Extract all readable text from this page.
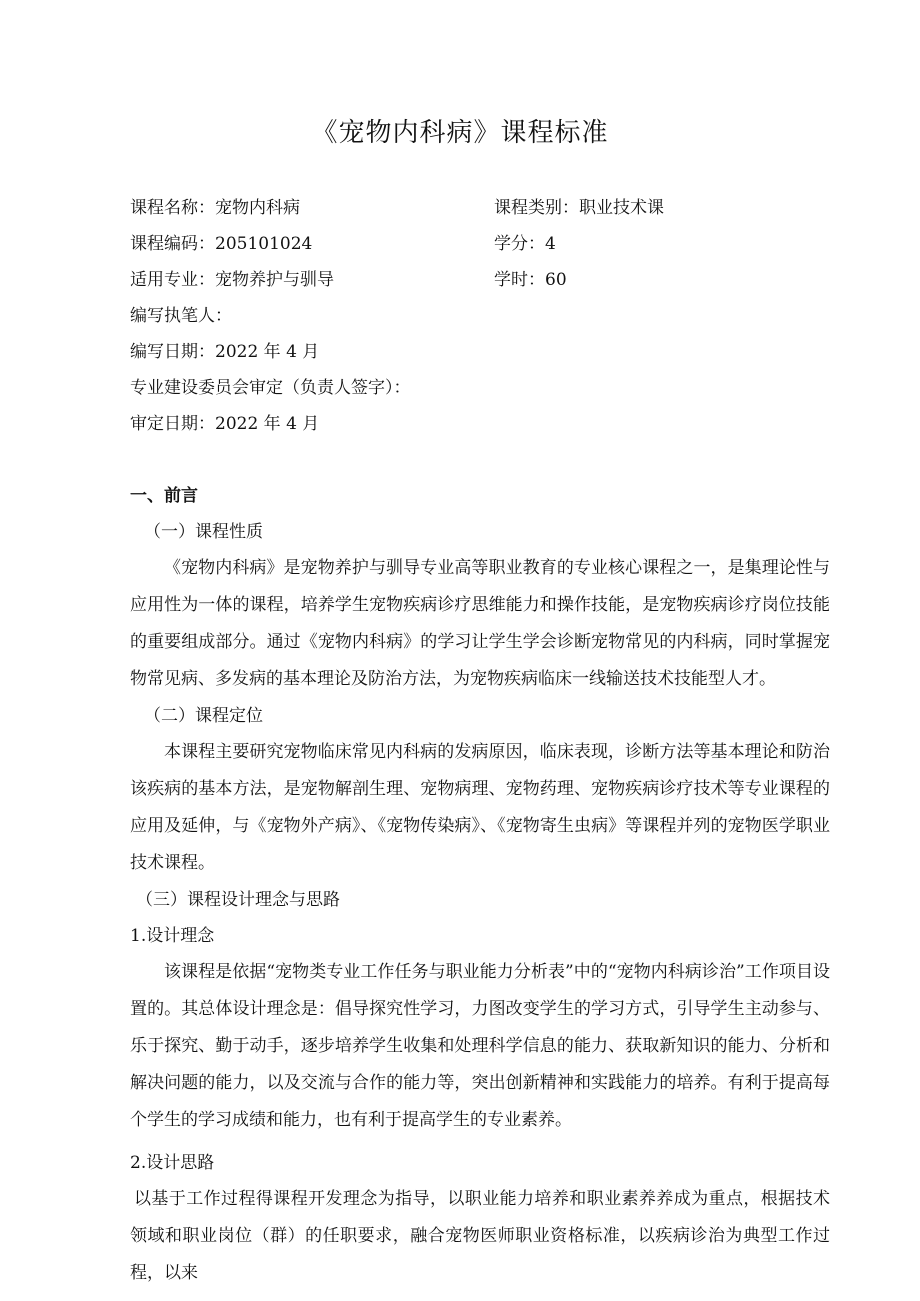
《宠物内科病》课程标准
课程名称：宠物内科病	课程类别：职业技术课
课程编码：205101024	学分：4
适用专业：宠物养护与驯导	学时：60
编写执笔人：
编写日期：2022 年 4 月
专业建设委员会审定（负责人签字）：
审定日期：2022 年 4 月
一、前言
（一）课程性质

《宠物内科病》是宠物养护与驯导专业高等职业教育的专业核心课程之一，是集理论性与应用性为一体的课程，培养学生宠物疾病诊疗思维能力和操作技能，是宠物疾病诊疗岗位技能的重要组成部分。通过《宠物内科病》的学习让学生学会诊断宠物常见的内科病，同时掌握宠物常见病、多发病的基本理论及防治方法，为宠物疾病临床一线输送技术技能型人才。

（二）课程定位

本课程主要研究宠物临床常见内科病的发病原因，临床表现，诊断方法等基本理论和防治该疾病的基本方法，是宠物解剖生理、宠物病理、宠物药理、宠物疾病诊疗技术等专业课程的应用及延伸，与《宠物外产病》、《宠物传染病》、《宠物寄生虫病》等课程并列的宠物医学职业技术课程。

（三）课程设计理念与思路
1.设计理念

该课程是依据“宠物类专业工作任务与职业能力分析表”中的“宠物内科病诊治”工作项目设置的。其总体设计理念是：倡导探究性学习，力图改变学生的学习方式，引导学生主动参与、乐于探究、勤于动手，逐步培养学生收集和处理科学信息的能力、获取新知识的能力、分析和解决问题的能力，以及交流与合作的能力等，突出创新精神和实践能力的培养。有利于提高每个学生的学习成绩和能力，也有利于提高学生的专业素养。

2.设计思路

以基于工作过程得课程开发理念为指导，以职业能力培养和职业素养养成为重点，根据技术领域和职业岗位（群）的任职要求，融合宠物医师职业资格标准，以疾病诊治为典型工作过程，以来
